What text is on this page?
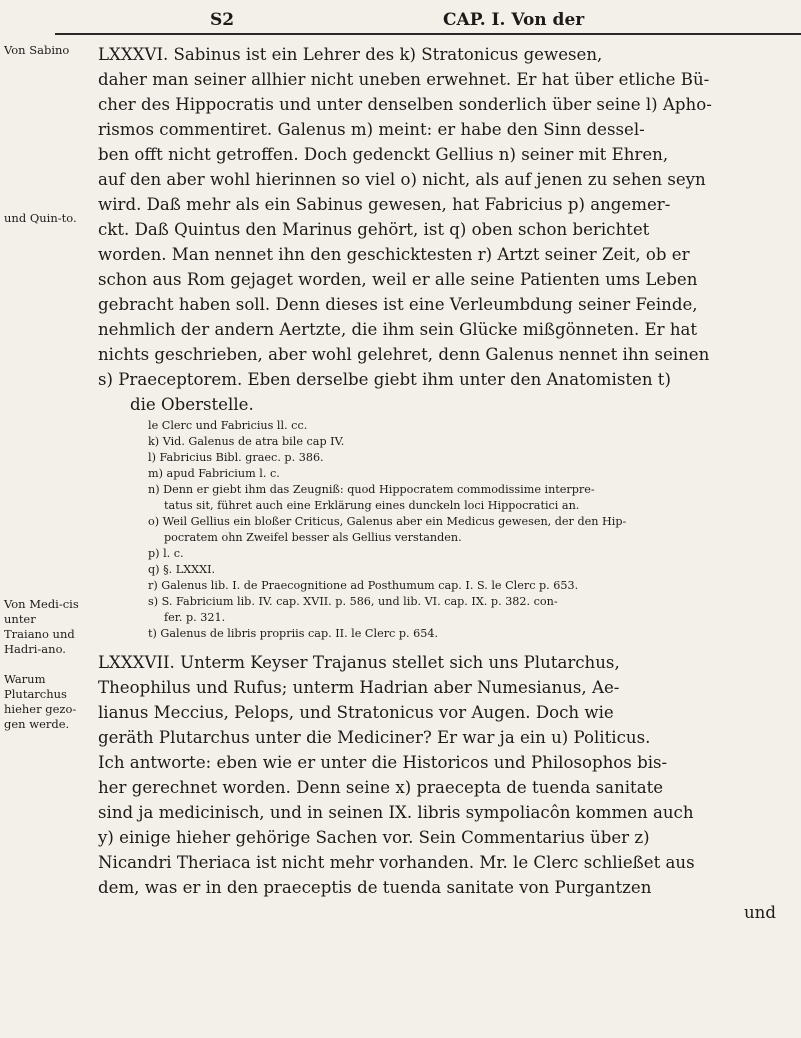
S2	CAP. I. Von der
Von Sabino
und Quin-to.
Von Medi-cis unter Traiano und Hadri-ano.
Warum Plutarchus hieher gezo-gen werde.
LXXXVI. Sabinus ist ein Lehrer des k) Stratonicus gewesen,
daher man seiner allhier nicht uneben erwehnet. Er hat über etliche Bü-
cher des Hippocratis und unter denselben sonderlich über seine l) Apho-
rismos commentiret. Galenus m) meint: er habe den Sinn dessel-
ben offt nicht getroffen. Doch gedenckt Gellius n) seiner mit Ehren,
auf den aber wohl hierinnen so viel o) nicht, als auf jenen zu sehen seyn
wird. Daß mehr als ein Sabinus gewesen, hat Fabricius p) angemer-
ckt. Daß Quintus den Marinus gehört, ist q) oben schon berichtet
worden. Man nennet ihn den geschicktesten r) Artzt seiner Zeit, ob er
schon aus Rom gejaget worden, weil er alle seine Patienten ums Leben
gebracht haben soll. Denn dieses ist eine Verleumbdung seiner Feinde,
nehmlich der andern Aertzte, die ihm sein Glücke mißgönneten. Er hat
nichts geschrieben, aber wohl gelehret, denn Galenus nennet ihn seinen
s) Praeceptorem. Eben derselbe giebt ihm unter den Anatomisten t)
die Oberstelle.
le Clerc und Fabricius ll. cc.
k) Vid. Galenus de atra bile cap IV.
l) Fabricius Bibl. graec. p. 386.
m) apud Fabricium l. c.
n) Denn er giebt ihm das Zeugniß: quod Hippocratem commodissime interpre-
tatus sit, führet auch eine Erklärung eines dunckeln loci Hippocratici an.
o) Weil Gellius ein bloßer Criticus, Galenus aber ein Medicus gewesen, der den Hip-
pocratem ohn Zweifel besser als Gellius verstanden.
p) l. c.
q) §. LXXXI.
r) Galenus lib. I. de Praecognitione ad Posthumum cap. I. S. le Clerc p. 653.
s) S. Fabricium lib. IV. cap. XVII. p. 586, und lib. VI. cap. IX. p. 382. con-
fer. p. 321.
t) Galenus de libris propriis cap. II. le Clerc p. 654.
LXXXVII. Unterm Keyser Trajanus stellet sich uns Plutarchus,
Theophilus und Rufus; unterm Hadrian aber Numesianus, Ae-
lianus Meccius, Pelops, und Stratonicus vor Augen. Doch wie
geräth Plutarchus unter die Mediciner? Er war ja ein u) Politicus.
Ich antworte: eben wie er unter die Historicos und Philosophos bis-
her gerechnet worden. Denn seine x) praecepta de tuenda sanitate
sind ja medicinisch, und in seinen IX. libris sympoliacôn kommen auch
y) einige hieher gehörige Sachen vor. Sein Commentarius über z)
Nicandri Theriaca ist nicht mehr vorhanden. Mr. le Clerc schließet aus
dem, was er in den praeceptis de tuenda sanitate von Purgantzen
und
